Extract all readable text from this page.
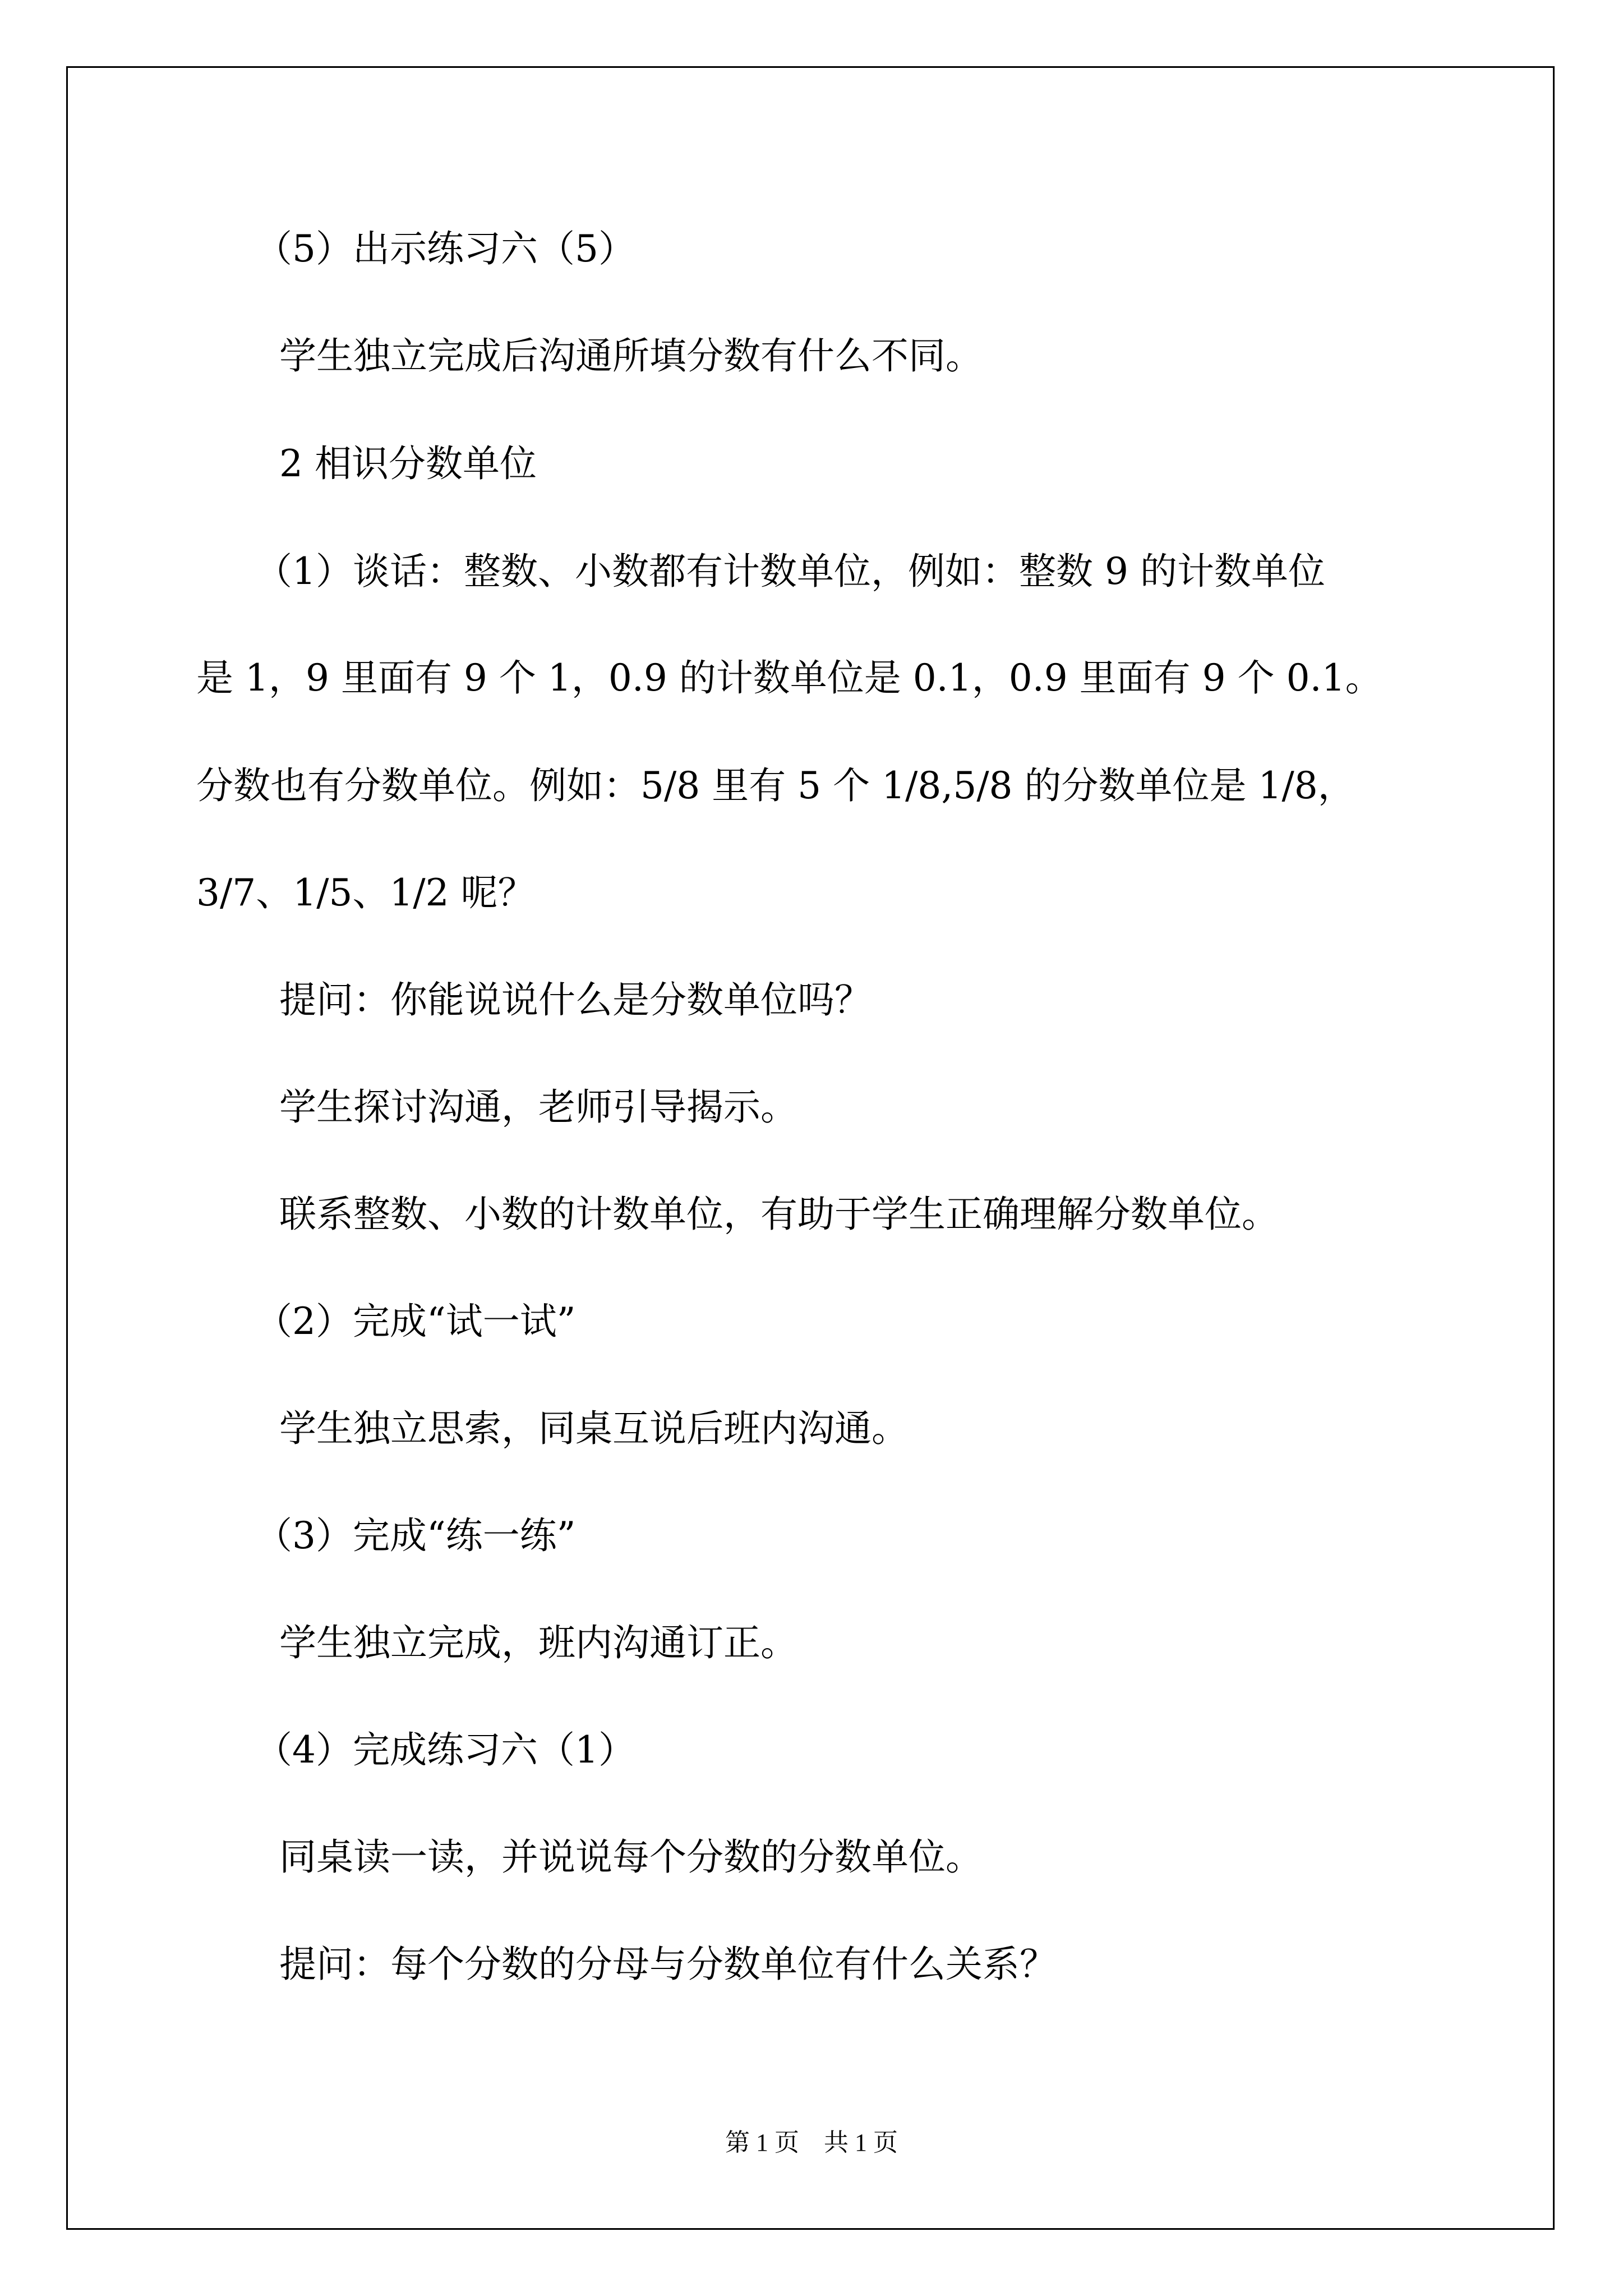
（5）出示练习六（5）
学生独立完成后沟通所填分数有什么不同。
2 相识分数单位
（1）谈话：整数、小数都有计数单位，例如：整数 9 的计数单位
是 1，9 里面有 9 个 1，0.9 的计数单位是 0.1，0.9 里面有 9 个 0.1。
分数也有分数单位。例如：5/8 里有 5 个 1/8,5/8 的分数单位是 1/8，
3/7、1/5、1/2 呢？
提问：你能说说什么是分数单位吗？
学生探讨沟通，老师引导揭示。
联系整数、小数的计数单位，有助于学生正确理解分数单位。
（2）完成“试一试”
学生独立思索，同桌互说后班内沟通。
（3）完成“练一练”
学生独立完成，班内沟通订正。
（4）完成练习六（1）
同桌读一读，并说说每个分数的分数单位。
提问：每个分数的分母与分数单位有什么关系？
第 1 页　共 1 页
